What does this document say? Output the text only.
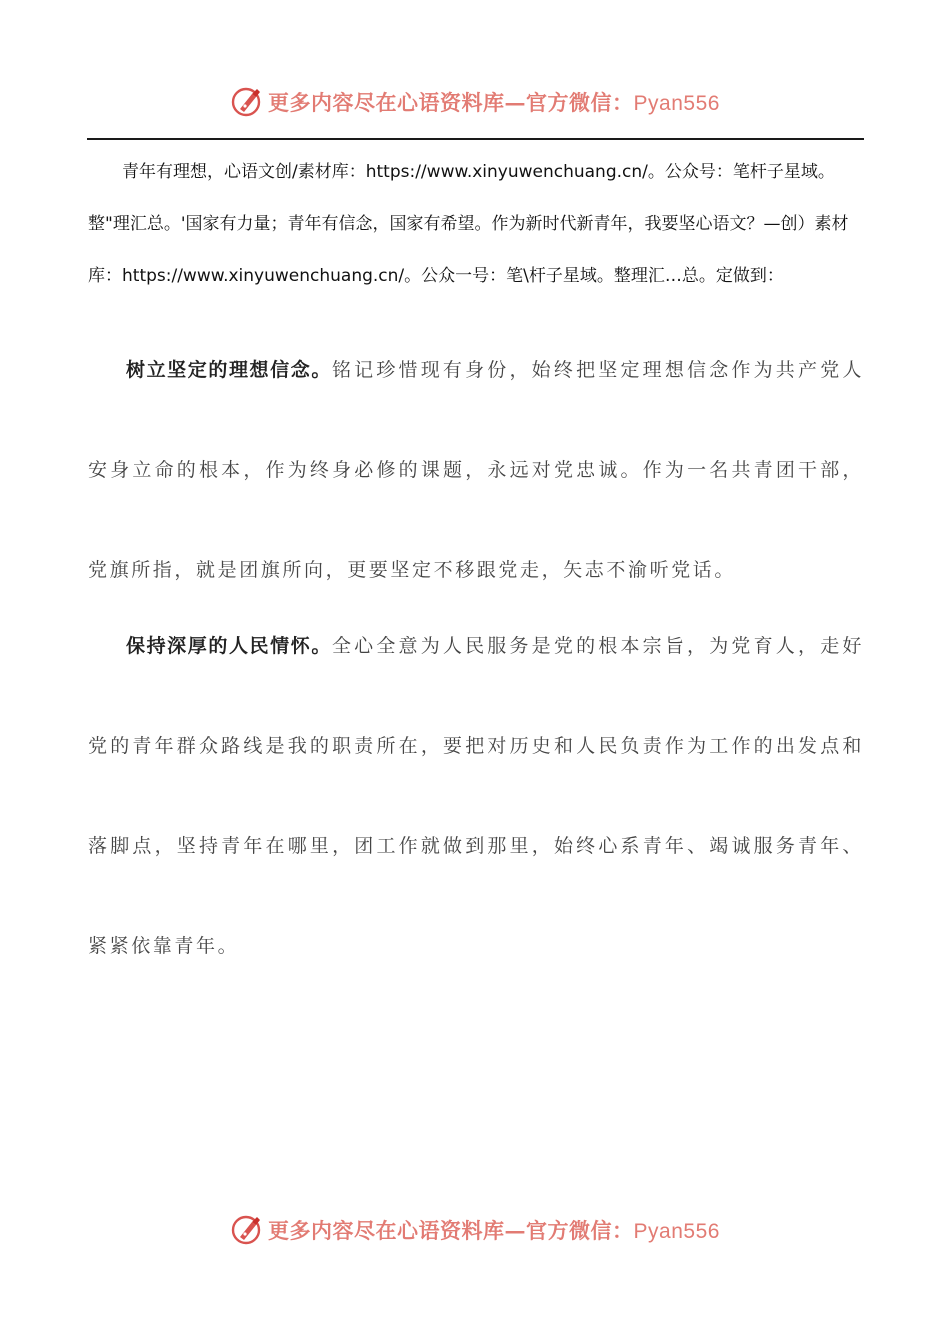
更多内容尽在心语资料库—官方微信：Pyan556

青年有理想，心语文创/素材库：https://www.xinyuwenchuang.cn/。公众号：笔杆子星域。整"理汇总。'国家有力量；青年有信念，国家有希望。作为新时代新青年，我要坚心语文？—创）素材库：https://www.xinyuwenchuang.cn/。公众一号：笔\杆子星域。整理汇…总。定做到：

树立坚定的理想信念。铭记珍惜现有身份，始终把坚定理想信念作为共产党人安身立命的根本，作为终身必修的课题，永远对党忠诚。作为一名共青团干部，党旗所指，就是团旗所向，更要坚定不移跟党走，矢志不渝听党话。

保持深厚的人民情怀。全心全意为人民服务是党的根本宗旨，为党育人，走好党的青年群众路线是我的职责所在，要把对历史和人民负责作为工作的出发点和落脚点，坚持青年在哪里，团工作就做到那里，始终心系青年、竭诚服务青年、紧紧依靠青年。

更多内容尽在心语资料库—官方微信：Pyan556
